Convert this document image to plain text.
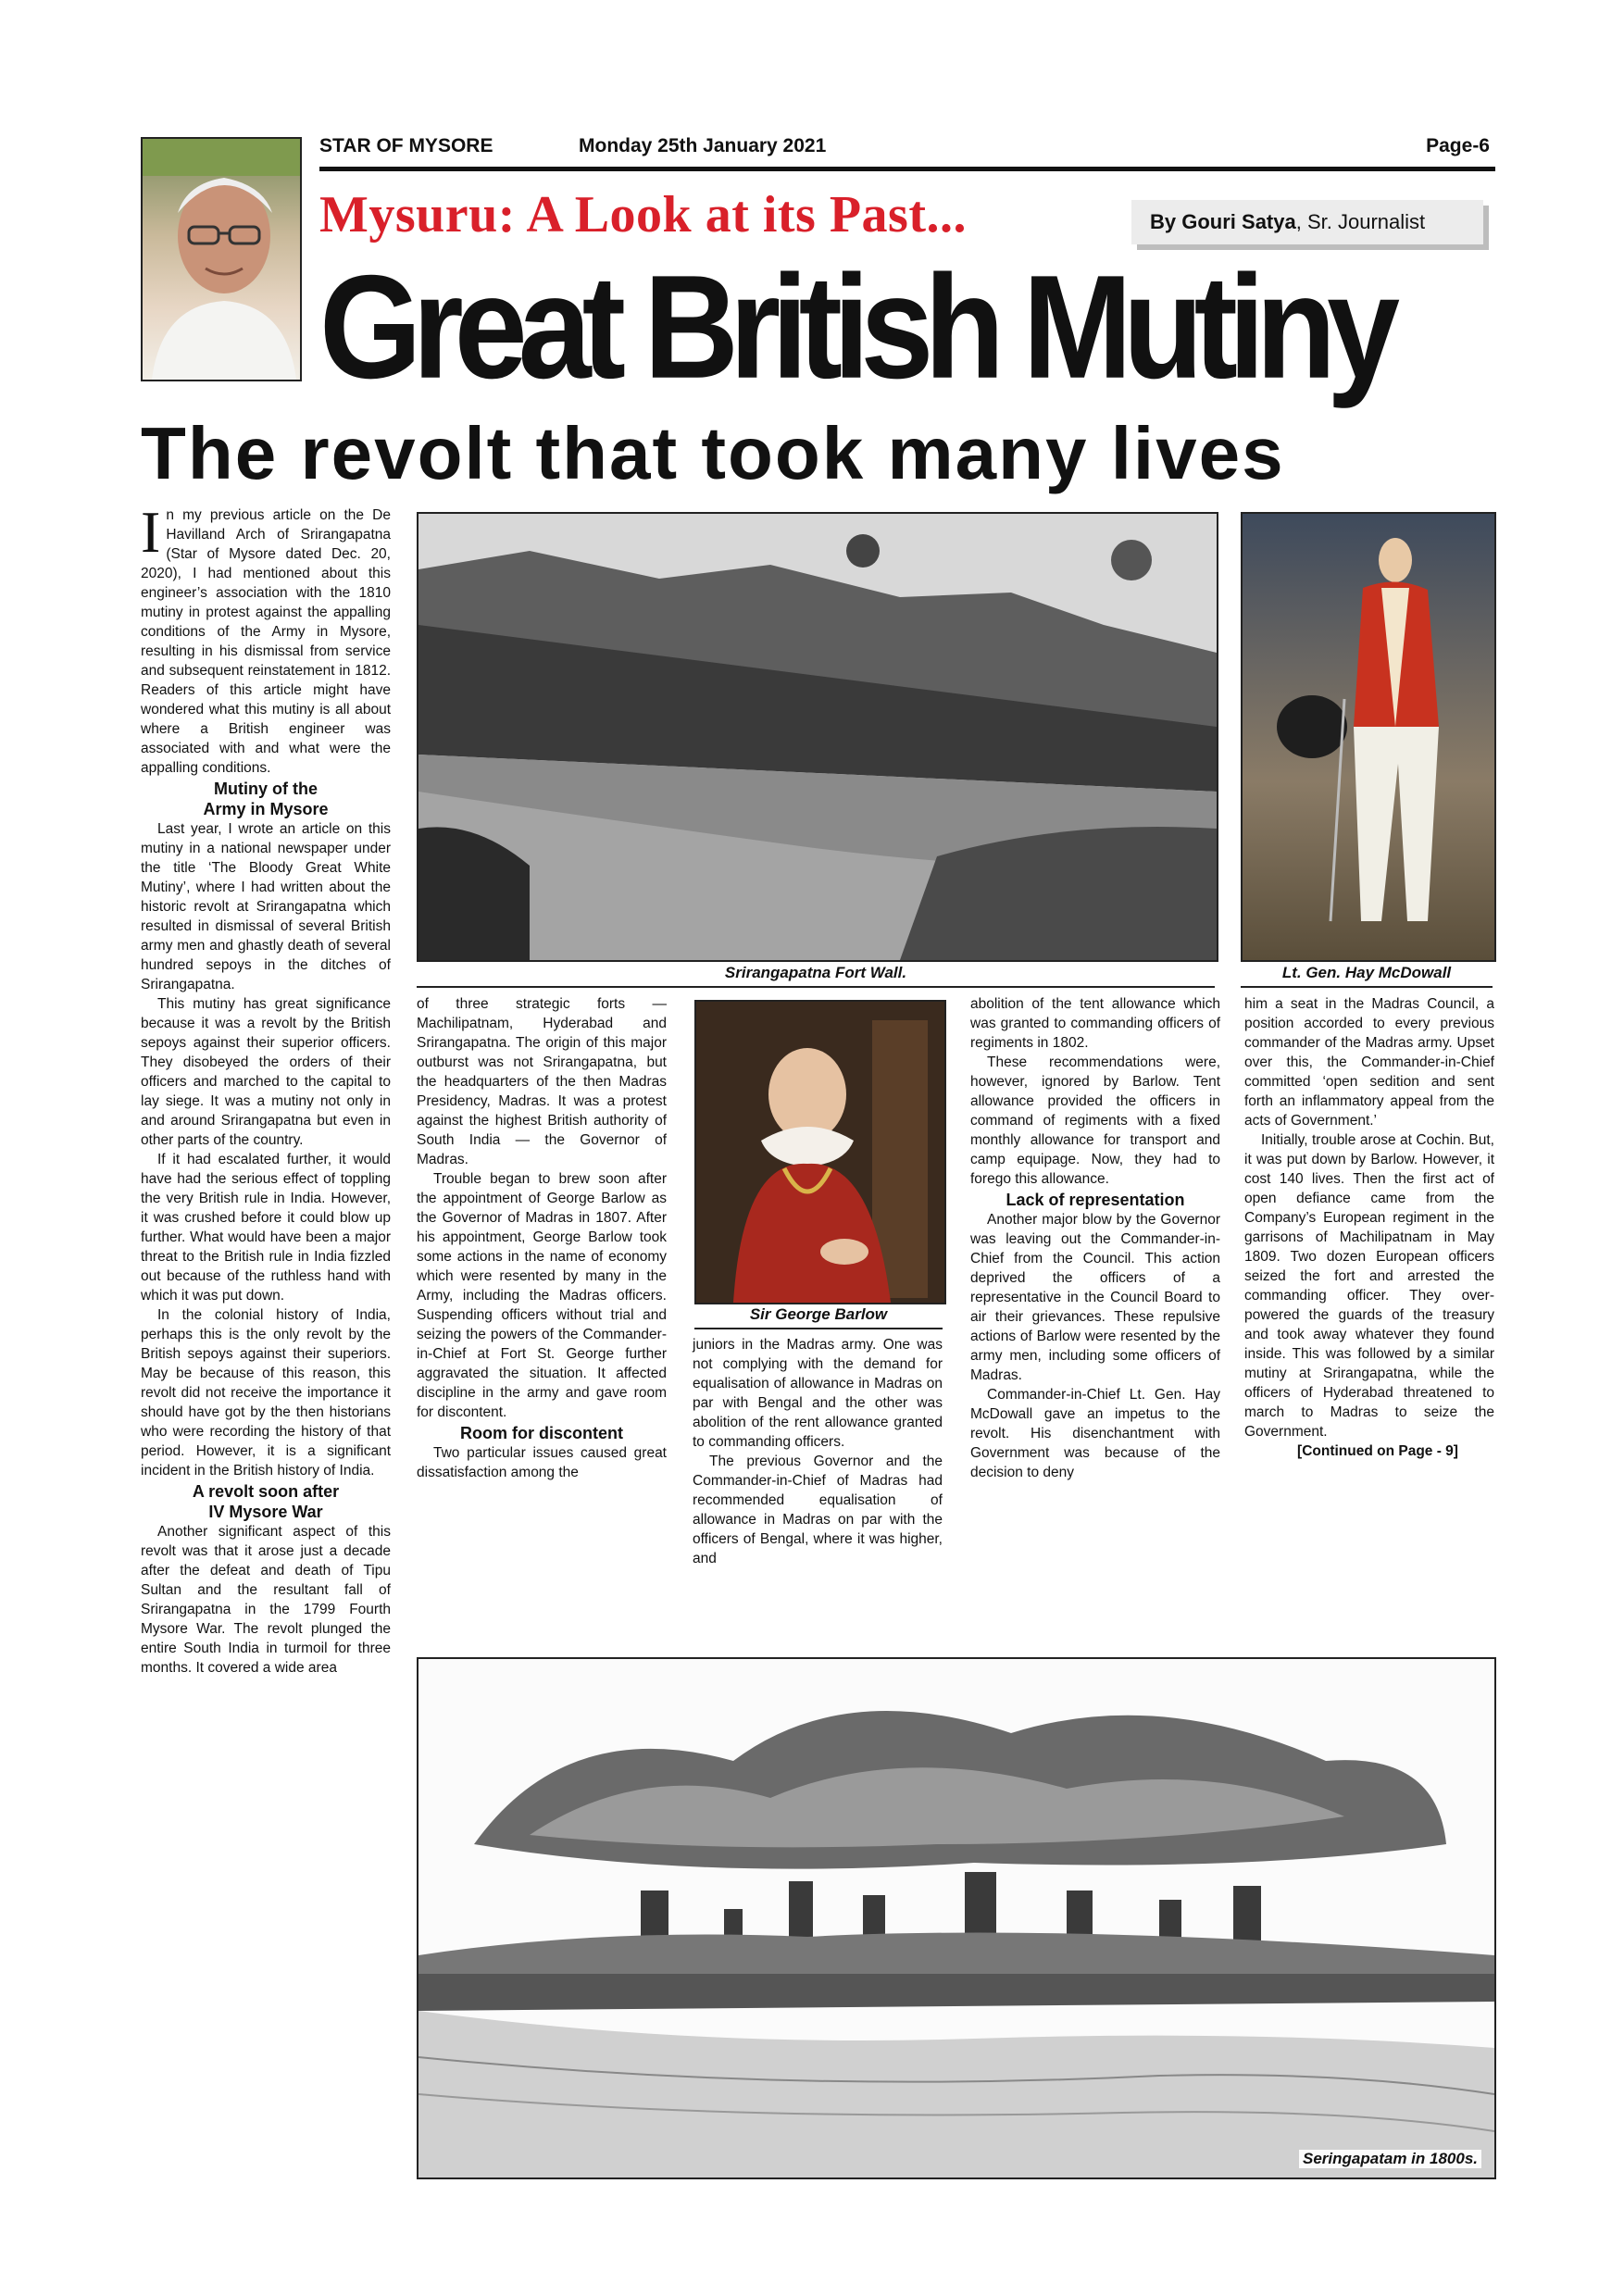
STAR OF MYSORE	Monday 25th January 2021	Page-6
Mysuru: A Look at its Past...	By Gouri Satya, Sr. Journalist
Great British Mutiny
The revolt that took many lives

In my previous article on the De Havilland Arch of Srirangapatna (Star of Mysore dated Dec. 20, 2020), I had mentioned about this engineer’s association with the 1810 mutiny in protest against the appalling conditions of the Army in Mysore, resulting in his dismissal from service and subsequent reinstatement in 1812. Readers of this article might have wondered what this mutiny is all about where a British engineer was associated with and what were the appalling conditions.

Mutiny of the
Army in Mysore

Last year, I wrote an article on this mutiny in a national newspaper under the title ‘The Bloody Great White Mutiny’, where I had written about the historic revolt at Srirangapatna which resulted in dismissal of several British army men and ghastly death of several hundred sepoys in the ditches of Srirangapatna.

This mutiny has great significance because it was a revolt by the British sepoys against their superior officers. They disobeyed the orders of their officers and marched to the capital to lay siege. It was a mutiny not only in and around Srirangapatna but even in other parts of the country.

If it had escalated further, it would have had the serious effect of toppling the very British rule in India. However, it was crushed before it could blow up further. What would have been a major threat to the British rule in India fizzled out because of the ruthless hand with which it was put down.

In the colonial history of India, perhaps this is the only revolt by the British sepoys against their superiors. May be because of this reason, this revolt did not receive the importance it should have got by the then historians who were recording the history of that period. However, it is a significant incident in the British history of India.

A revolt soon after
IV Mysore War

Another significant aspect of this revolt was that it arose just a decade after the defeat and death of Tipu Sultan and the resultant fall of Srirangapatna in the 1799 Fourth Mysore War. The revolt plunged the entire South India in turmoil for three months. It covered a wide area

Srirangapatna Fort Wall.	Lt. Gen. Hay McDowall

of three strategic forts — Machilipatnam, Hyderabad and Srirangapatna. The origin of this major outburst was not Srirangapatna, but the headquarters of the then Madras Presidency, Madras. It was a protest against the highest British authority of South India — the Governor of Madras.

Trouble began to brew soon after the appointment of George Barlow as the Governor of Madras in 1807. After his appointment, George Barlow took some actions in the name of economy which were resented by many in the Army, including the Madras officers. Suspending officers without trial and seizing the powers of the Commander-in-Chief at Fort St. George further aggravated the situation. It affected discipline in the army and gave room for discontent.

Room for discontent

Two particular issues caused great dissatisfaction among the

Sir George Barlow

juniors in the Madras army. One was not complying with the demand for equalisation of allowance in Madras on par with Bengal and the other was abolition of the rent allowance granted to commanding officers.

The previous Governor and the Commander-in-Chief of Madras had recommended equalisation of allowance in Madras on par with the officers of Bengal, where it was higher, and

abolition of the tent allowance which was granted to commanding officers of regiments in 1802.

These recommendations were, however, ignored by Barlow. Tent allowance provided the officers in command of regiments with a fixed monthly allowance for transport and camp equipage. Now, they had to forego this allowance.

Lack of representation

Another major blow by the Governor was leaving out the Commander-in-Chief from the Council. This action deprived the officers of a representative in the Council Board to air their grievances. These repulsive actions of Barlow were resented by the army men, including some officers of Madras.

Commander-in-Chief Lt. Gen. Hay McDowall gave an impetus to the revolt. His disenchantment with Government was because of the decision to deny

him a seat in the Madras Council, a position accorded to every previous commander of the Madras army. Upset over this, the Commander-in-Chief committed ‘open sedition and sent forth an inflammatory appeal from the acts of Government.’

Initially, trouble arose at Cochin. But, it was put down by Barlow. However, it cost 140 lives. Then the first act of open defiance came from the Company’s European regiment in the garrisons of Machilipatnam in May 1809. Two dozen European officers seized the fort and arrested the commanding officer. They over-powered the guards of the treasury and took away whatever they found inside. This was followed by a similar mutiny at Srirangapatna, while the officers of Hyderabad threatened to march to Madras to seize the Government.

[Continued on Page - 9]

Seringapatam in 1800s.
